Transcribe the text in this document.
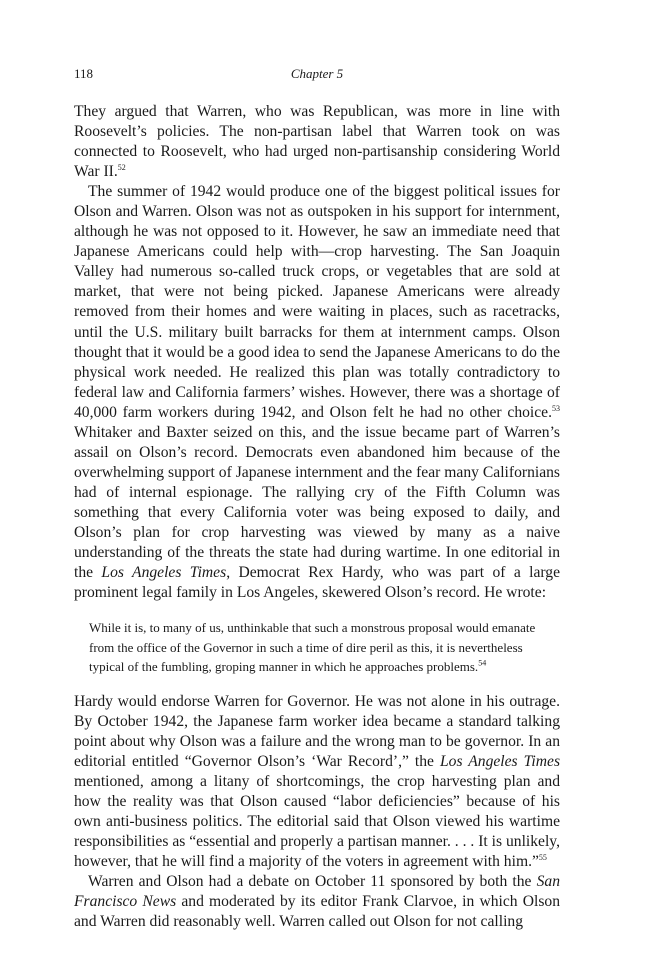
118	Chapter 5

They argued that Warren, who was Republican, was more in line with Roosevelt’s policies. The non-partisan label that Warren took on was connected to Roosevelt, who had urged non-partisanship considering World War II.$^{52}$

The summer of 1942 would produce one of the biggest political issues for Olson and Warren. Olson was not as outspoken in his support for internment, although he was not opposed to it. However, he saw an immediate need that Japanese Americans could help with—crop harvesting. The San Joaquin Valley had numerous so-called truck crops, or vegetables that are sold at market, that were not being picked. Japanese Americans were already removed from their homes and were waiting in places, such as racetracks, until the U.S. military built barracks for them at internment camps. Olson thought that it would be a good idea to send the Japanese Americans to do the physical work needed. He realized this plan was totally contradictory to federal law and California farmers’ wishes. However, there was a shortage of 40,000 farm workers during 1942, and Olson felt he had no other choice.$^{53}$ Whitaker and Baxter seized on this, and the issue became part of Warren’s assail on Olson’s record. Democrats even abandoned him because of the overwhelming support of Japanese internment and the fear many Californians had of internal espionage. The rallying cry of the Fifth Column was something that every California voter was being exposed to daily, and Olson’s plan for crop harvesting was viewed by many as a naive understanding of the threats the state had during wartime. In one editorial in the Los Angeles Times, Democrat Rex Hardy, who was part of a large prominent legal family in Los Angeles, skewered Olson’s record. He wrote:

While it is, to many of us, unthinkable that such a monstrous proposal would emanate from the office of the Governor in such a time of dire peril as this, it is nevertheless typical of the fumbling, groping manner in which he approaches problems.$^{54}$

Hardy would endorse Warren for Governor. He was not alone in his outrage. By October 1942, the Japanese farm worker idea became a standard talking point about why Olson was a failure and the wrong man to be governor. In an editorial entitled “Governor Olson’s ‘War Record’,” the Los Angeles Times mentioned, among a litany of shortcomings, the crop harvesting plan and how the reality was that Olson caused “labor deficiencies” because of his own anti-business politics. The editorial said that Olson viewed his wartime responsibilities as “essential and properly a partisan manner. . . . It is unlikely, however, that he will find a majority of the voters in agreement with him.”$^{55}$

Warren and Olson had a debate on October 11 sponsored by both the San Francisco News and moderated by its editor Frank Clarvoe, in which Olson and Warren did reasonably well. Warren called out Olson for not calling
